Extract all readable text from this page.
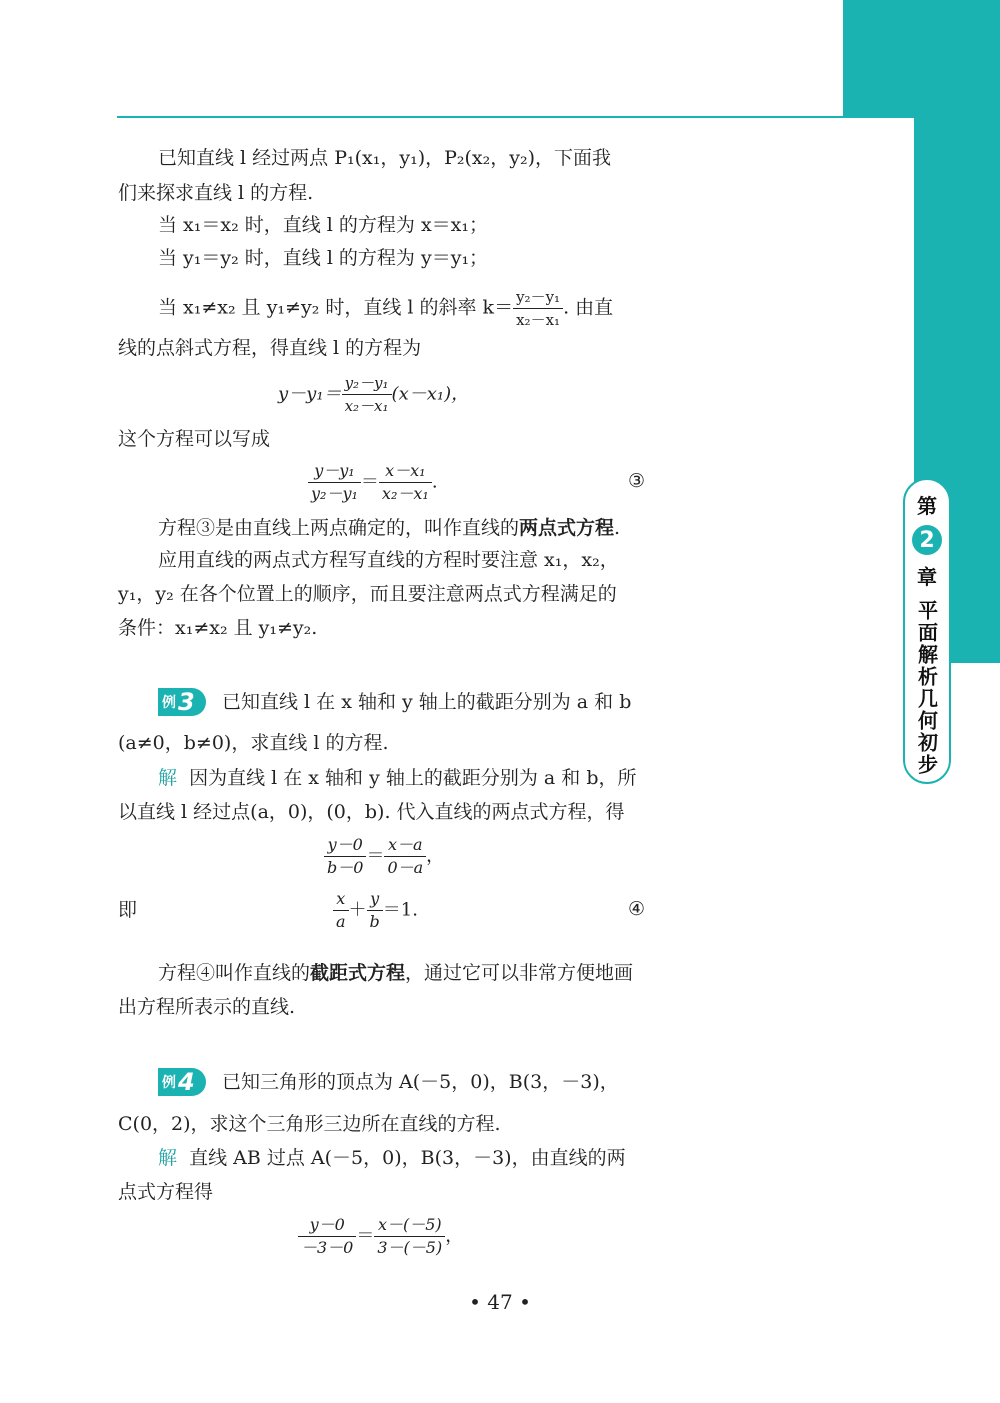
第
2
章
平面解析几何初步
已知直线 l 经过两点 P₁(x₁，y₁)，P₂(x₂，y₂)，下面我
们来探求直线 l 的方程.
当 x₁＝x₂ 时，直线 l 的方程为 x＝x₁；
当 y₁＝y₂ 时，直线 l 的方程为 y＝y₁；
当 x₁≠x₂ 且 y₁≠y₂ 时，直线 l 的斜率 $k= \frac{\text{y₂－y₁}}{\text{x₂－x₁}}$ . 由直
线的点斜式方程，得直线 l 的方程为
$y-y_1= \frac{\text{y₂－y₁}}{\text{x₂－x₁}} (x-x_1)$，
这个方程可以写成
$\frac{\text{y－y₁}}{\text{y₂－y₁}} = \frac{\text{x－x₁}}{\text{x₂－x₁}}$ .	③
方程③是由直线上两点确定的，叫作直线的两点式方程.
应用直线的两点式方程写直线的方程时要注意 x₁，x₂，
y₁，y₂ 在各个位置上的顺序，而且要注意两点式方程满足的
条件：x₁≠x₂ 且 y₁≠y₂.
例 3 已知直线 l 在 x 轴和 y 轴上的截距分别为 a 和 b
(a≠0，b≠0)，求直线 l 的方程.
解 因为直线 l 在 x 轴和 y 轴上的截距分别为 a 和 b，所
以直线 l 经过点(a，0)，(0，b). 代入直线的两点式方程，得
$\frac{y-0}{b-0} = \frac{x-a}{0-a}$ ，
即	$\frac{x}{a} + \frac{y}{b} =1$.	④
方程④叫作直线的截距式方程，通过它可以非常方便地画
出方程所表示的直线.
例 4 已知三角形的顶点为 A(－5，0)，B(3，－3)，
C(0，2)，求这个三角形三边所在直线的方程.
解 直线 AB 过点 A(－5，0)，B(3，－3)，由直线的两
点式方程得
$\frac{y-0}{-3-0} = \frac{x-(-5)}{3-(-5)}$ ，
• 47 •
